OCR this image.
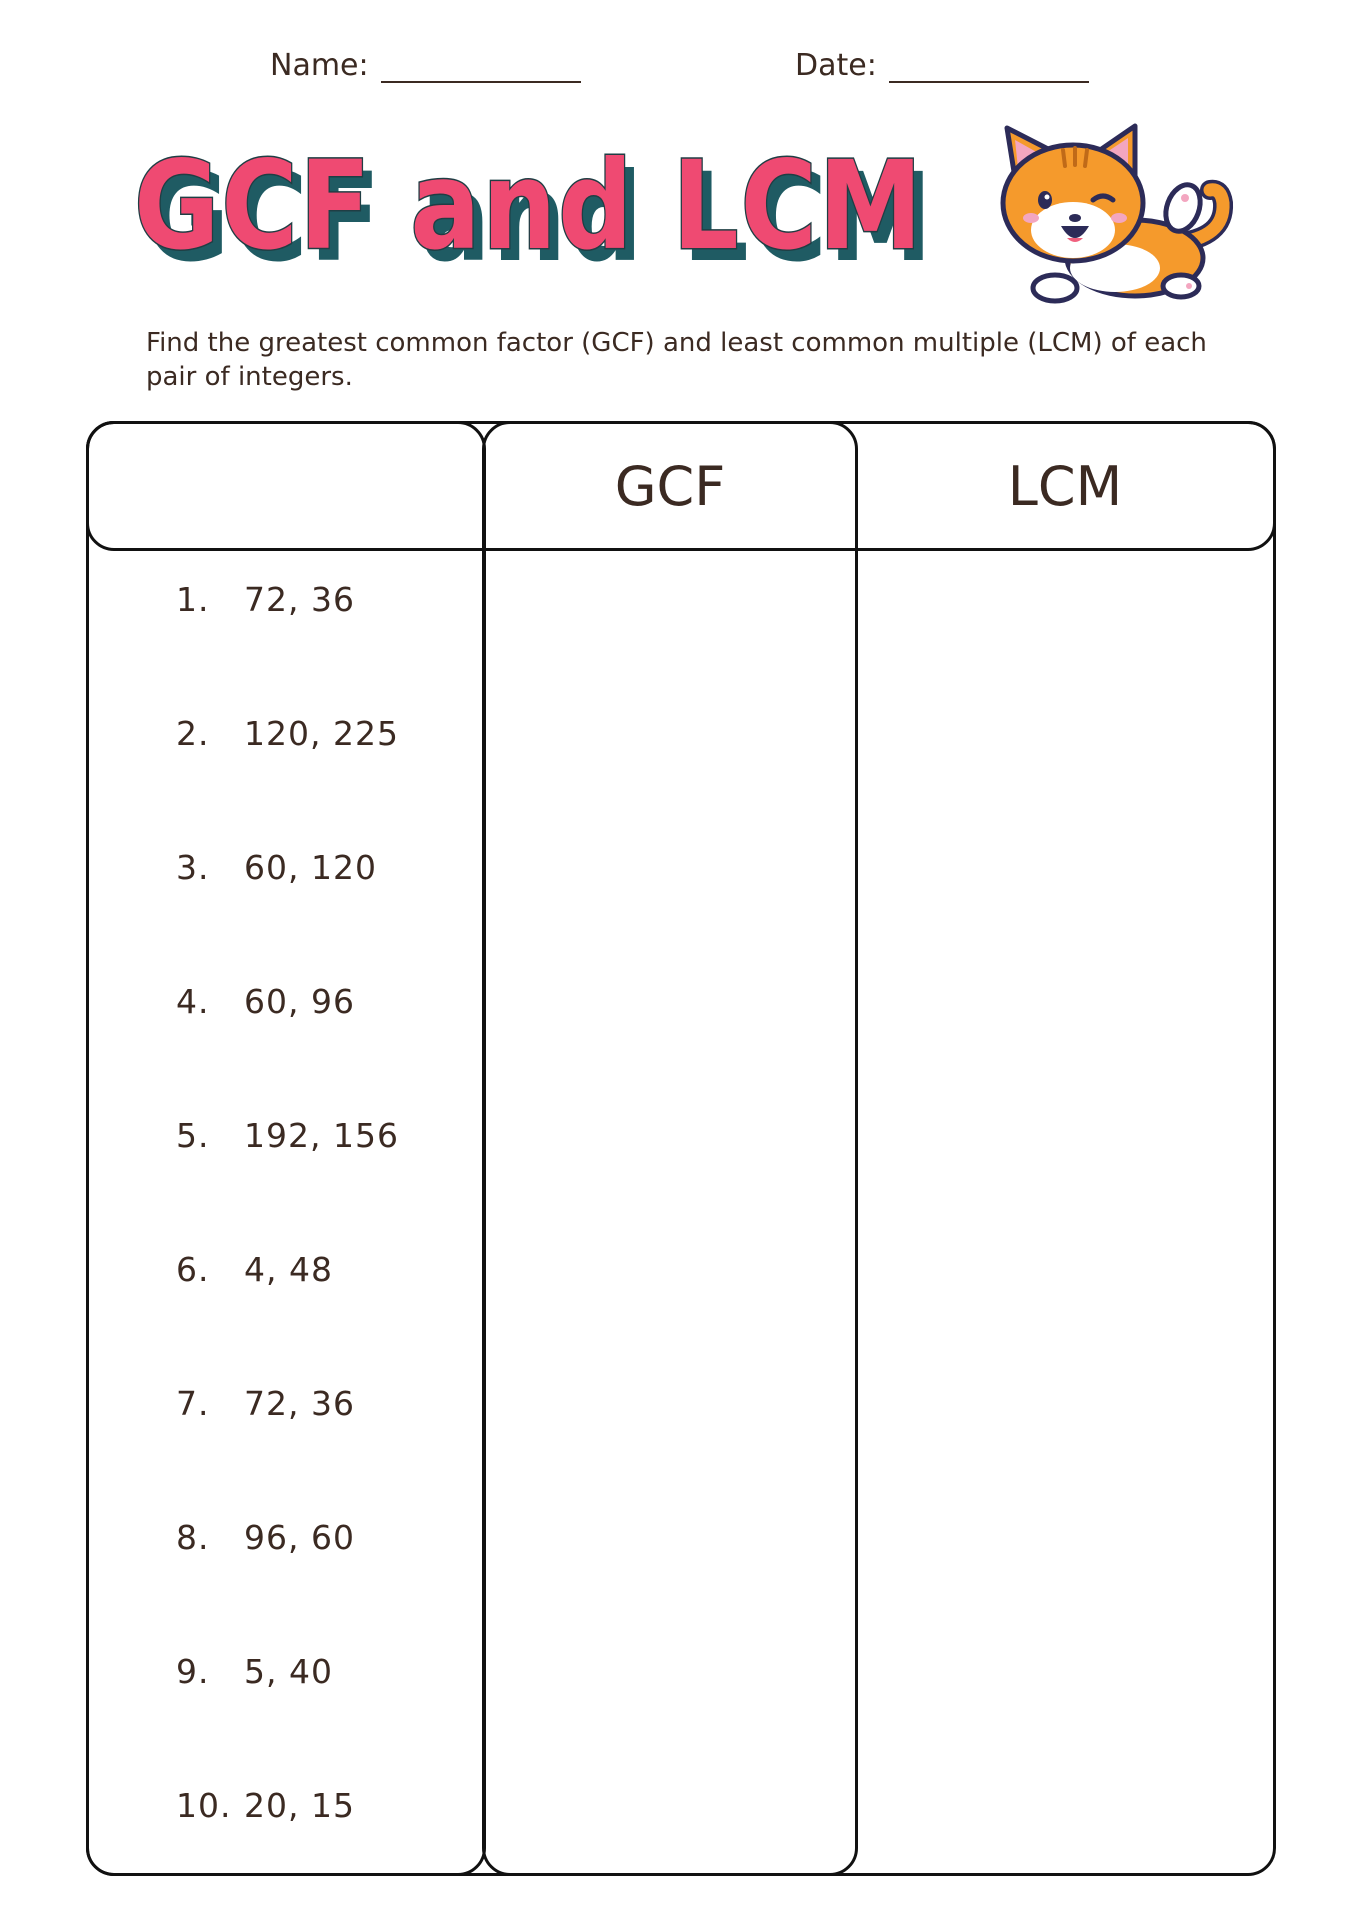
Name:	Date:
GCF and LCM
GCF and LCM
Find the greatest common factor (GCF) and least common multiple (LCM) of each pair of integers.
GCF	LCM
1. 72, 36
2. 120, 225
3. 60, 120
4. 60, 96
5. 192, 156
6. 4, 48
7. 72, 36
8. 96, 60
9. 5, 40
10. 20, 15
